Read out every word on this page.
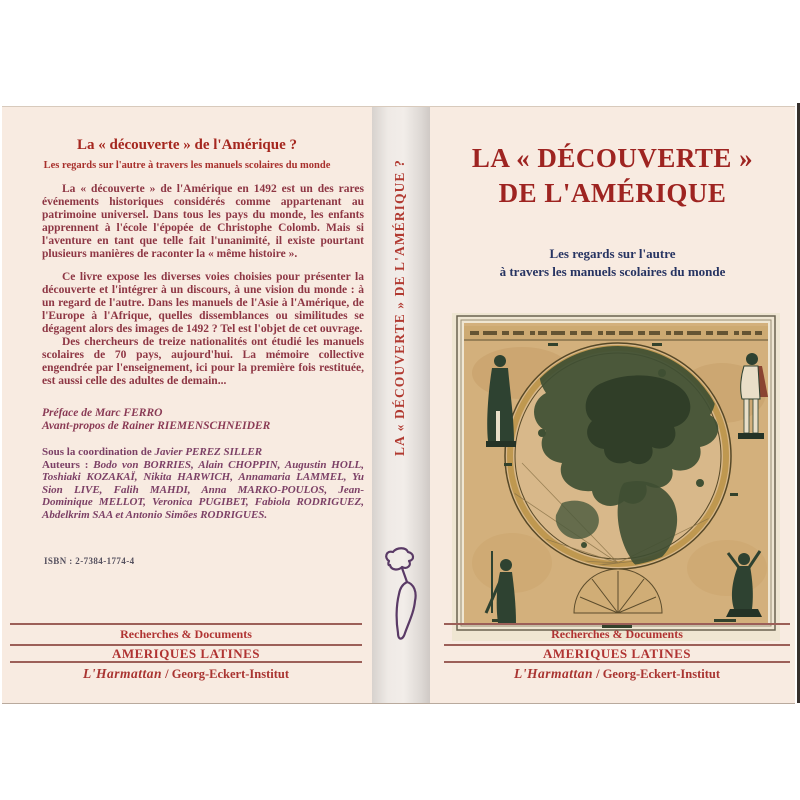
La « découverte » de l'Amérique ?
Les regards sur l'autre à travers les manuels scolaires du monde

La « découverte » de l'Amérique en 1492 est un des rares événements historiques considérés comme appartenant au patrimoine universel. Dans tous les pays du monde, les enfants apprennent à l'école l'épopée de Christophe Colomb. Mais si l'aventure en tant que telle fait l'unanimité, il existe pourtant plusieurs manières de raconter la « même histoire ».

Ce livre expose les diverses voies choisies pour présenter la découverte et l'intégrer à un discours, à une vision du monde : à un regard de l'autre. Dans les manuels de l'Asie à l'Amérique, de l'Europe à l'Afrique, quelles dissemblances ou similitudes se dégagent alors des images de 1492 ? Tel est l'objet de cet ouvrage.

Des chercheurs de treize nationalités ont étudié les manuels scolaires de 70 pays, aujourd'hui. La mémoire collective engendrée par l'enseignement, ici pour la première fois restituée, est aussi celle des adultes de demain...

Préface de Marc FERRO
Avant-propos de Rainer RIEMENSCHNEIDER
Sous la coordination de Javier PEREZ SILLER
Auteurs : Bodo von BORRIES, Alain CHOPPIN, Augustin HOLL, Toshiaki KOZAKAÏ, Nikita HARWICH, Annamaria LAMMEL, Yu Sion LIVE, Falih MAHDI, Anna MARKO-POULOS, Jean-Dominique MELLOT, Veronica PUGIBET, Fabiola RODRIGUEZ, Abdelkrim SAA et Antonio Simões RODRIGUES.
ISBN : 2-7384-1774-4
Recherches & Documents
AMERIQUES LATINES
L'Harmattan / Georg-Eckert-Institut
LA « DÉCOUVERTE » DE L'AMÉRIQUE ?
LA « DÉCOUVERTE »
DE L'AMÉRIQUE
Les regards sur l'autre
à travers les manuels scolaires du monde
Recherches & Documents
AMERIQUES LATINES
L'Harmattan / Georg-Eckert-Institut
